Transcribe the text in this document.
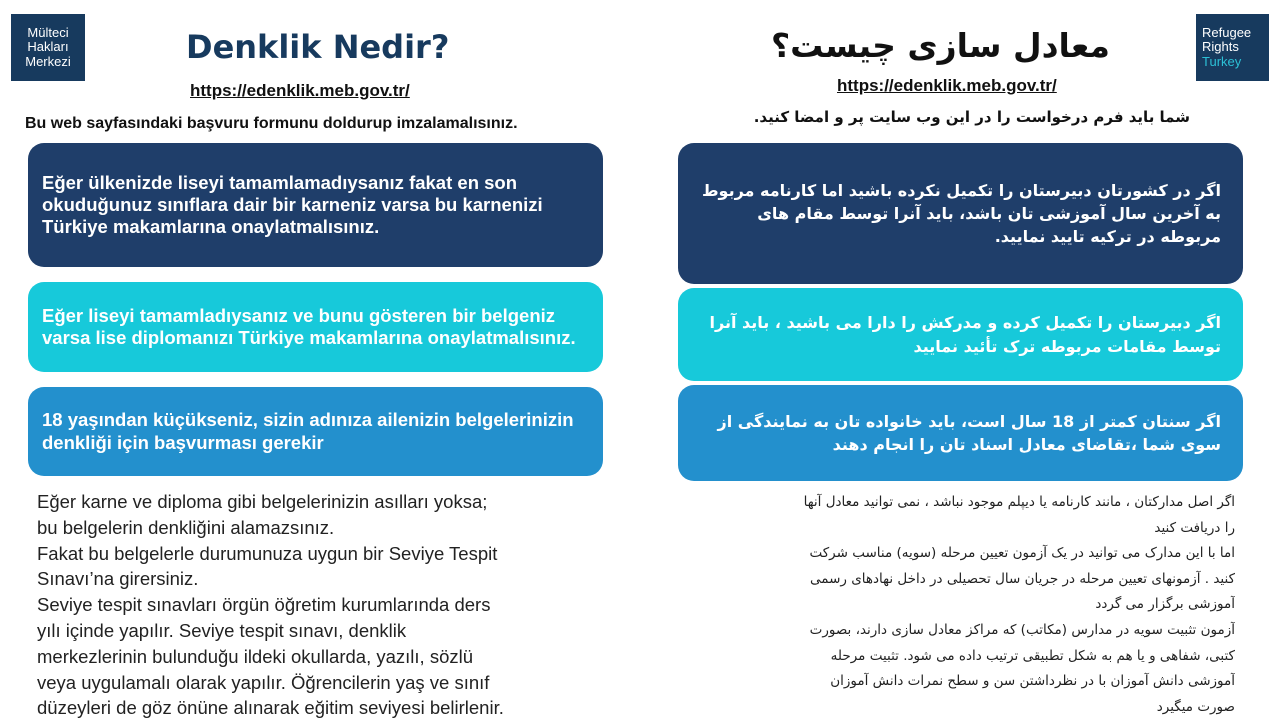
Mülteci
Hakları
Merkezi
Refugee
Rights
Turkey
Denklik Nedir?	معادل سازی چیست؟
https://edenklik.meb.gov.tr/	https://edenklik.meb.gov.tr/
Bu web sayfasındaki başvuru formunu doldurup imzalamalısınız.	شما باید فرم درخواست را در این وب سایت پر و امضا کنید.
Eğer ülkenizde liseyi tamamlamadıysanız fakat en son okuduğunuz sınıflara dair bir karneniz varsa bu karnenizi Türkiye makamlarına onaylatmalısınız.
Eğer liseyi tamamladıysanız ve bunu gösteren bir belgeniz varsa lise diplomanızı Türkiye makamlarına onaylatmalısınız.
18 yaşından küçükseniz, sizin adınıza ailenizin belgelerinizin denkliği için başvurması gerekir
اگر در کشورتان دبیرستان را تکمیل نکرده باشید اما کارنامه مربوط به آخرین سال آموزشی تان باشد، باید آنرا توسط مقام های مربوطه در ترکیه تایید نمایید.
اگر دبیرستان را تکمیل کرده و مدرکش را دارا می باشید ، باید آنرا توسط مقامات مربوطه ترک تأئید نمایید
اگر سنتان کمتر از 18 سال است، باید خانواده تان به نمایندگی از سوی شما ،تقاضای معادل اسناد تان را انجام دهند
Eğer karne ve diploma gibi belgelerinizin asılları yoksa;
bu belgelerin denkliğini alamazsınız.
Fakat bu belgelerle durumunuza uygun bir Seviye Tespit
Sınavı’na girersiniz.
Seviye tespit sınavları örgün öğretim kurumlarında ders
yılı içinde yapılır. Seviye tespit sınavı, denklik
merkezlerinin bulunduğu ildeki okullarda, yazılı, sözlü
veya uygulamalı olarak yapılır. Öğrencilerin yaş ve sınıf
düzeyleri de göz önüne alınarak eğitim seviyesi belirlenir.
اگر اصل مدارکتان ، مانند کارنامه یا دیپلم موجود نباشد ، نمی توانید معادل آنها
را دریافت کنید
اما با این مدارک می توانید در یک آزمون تعیین مرحله (سویه) مناسب شرکت
کنید . آزمونهای تعیین مرحله در جریان سال تحصیلی در داخل نهادهای رسمی
آموزشی برگزار می گردد
آزمون تثبیت سویه در مدارس (مکاتب) که مراکز معادل سازی دارند، بصورت
کتبی، شفاهی و یا هم به شکل تطبیقی ترتیب داده می شود. تثبیت مرحله
آموزشی دانش آموزان با در نظرداشتن سن و سطح نمرات دانش آموزان
صورت میگیرد
